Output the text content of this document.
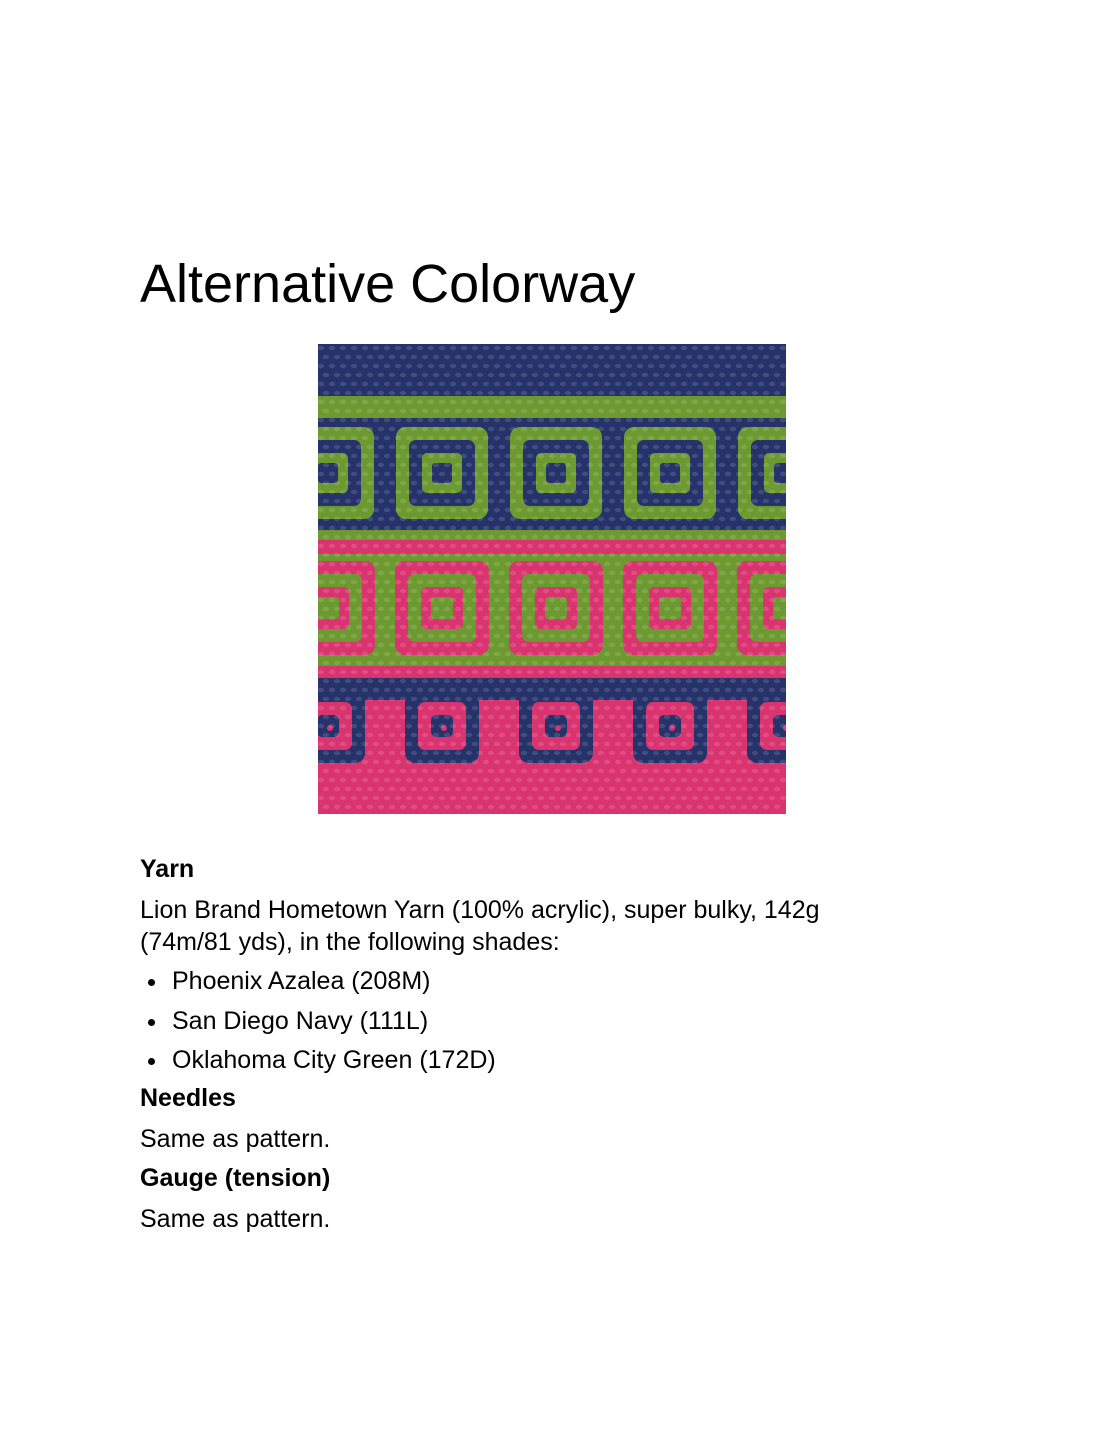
Alternative Colorway
Yarn

Lion Brand Hometown Yarn (100% acrylic), super bulky, 142g

(74m/81 yds), in the following shades:

Phoenix Azalea (208M)
San Diego Navy (111L)
Oklahoma City Green (172D)
Needles

Same as pattern.

Gauge (tension)

Same as pattern.
